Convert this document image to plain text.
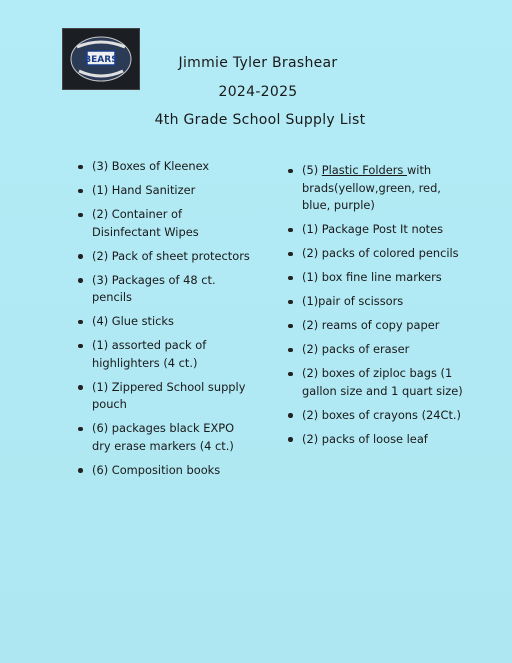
BEARS	Jimmie Tyler Brashear
2024-2025
4th Grade School Supply List
(3) Boxes of Kleenex
(1) Hand Sanitizer
(2) Container of Disinfectant Wipes
(2) Pack of sheet protectors
(3) Packages of 48 ct. pencils
(4) Glue sticks
(1) assorted pack of highlighters (4 ct.)
(1) Zippered School supply pouch
(6) packages black EXPO dry erase markers (4 ct.)
(6) Composition books
(5) Plastic Folders with brads(yellow,green, red, blue, purple)
(1) Package Post It notes
(2) packs of colored pencils
(1) box fine line markers
(1)pair of scissors
(2) reams of copy paper
(2) packs of eraser
(2) boxes of ziploc bags (1 gallon size and 1 quart size)
(2) boxes of crayons (24Ct.)
(2) packs of loose leaf
